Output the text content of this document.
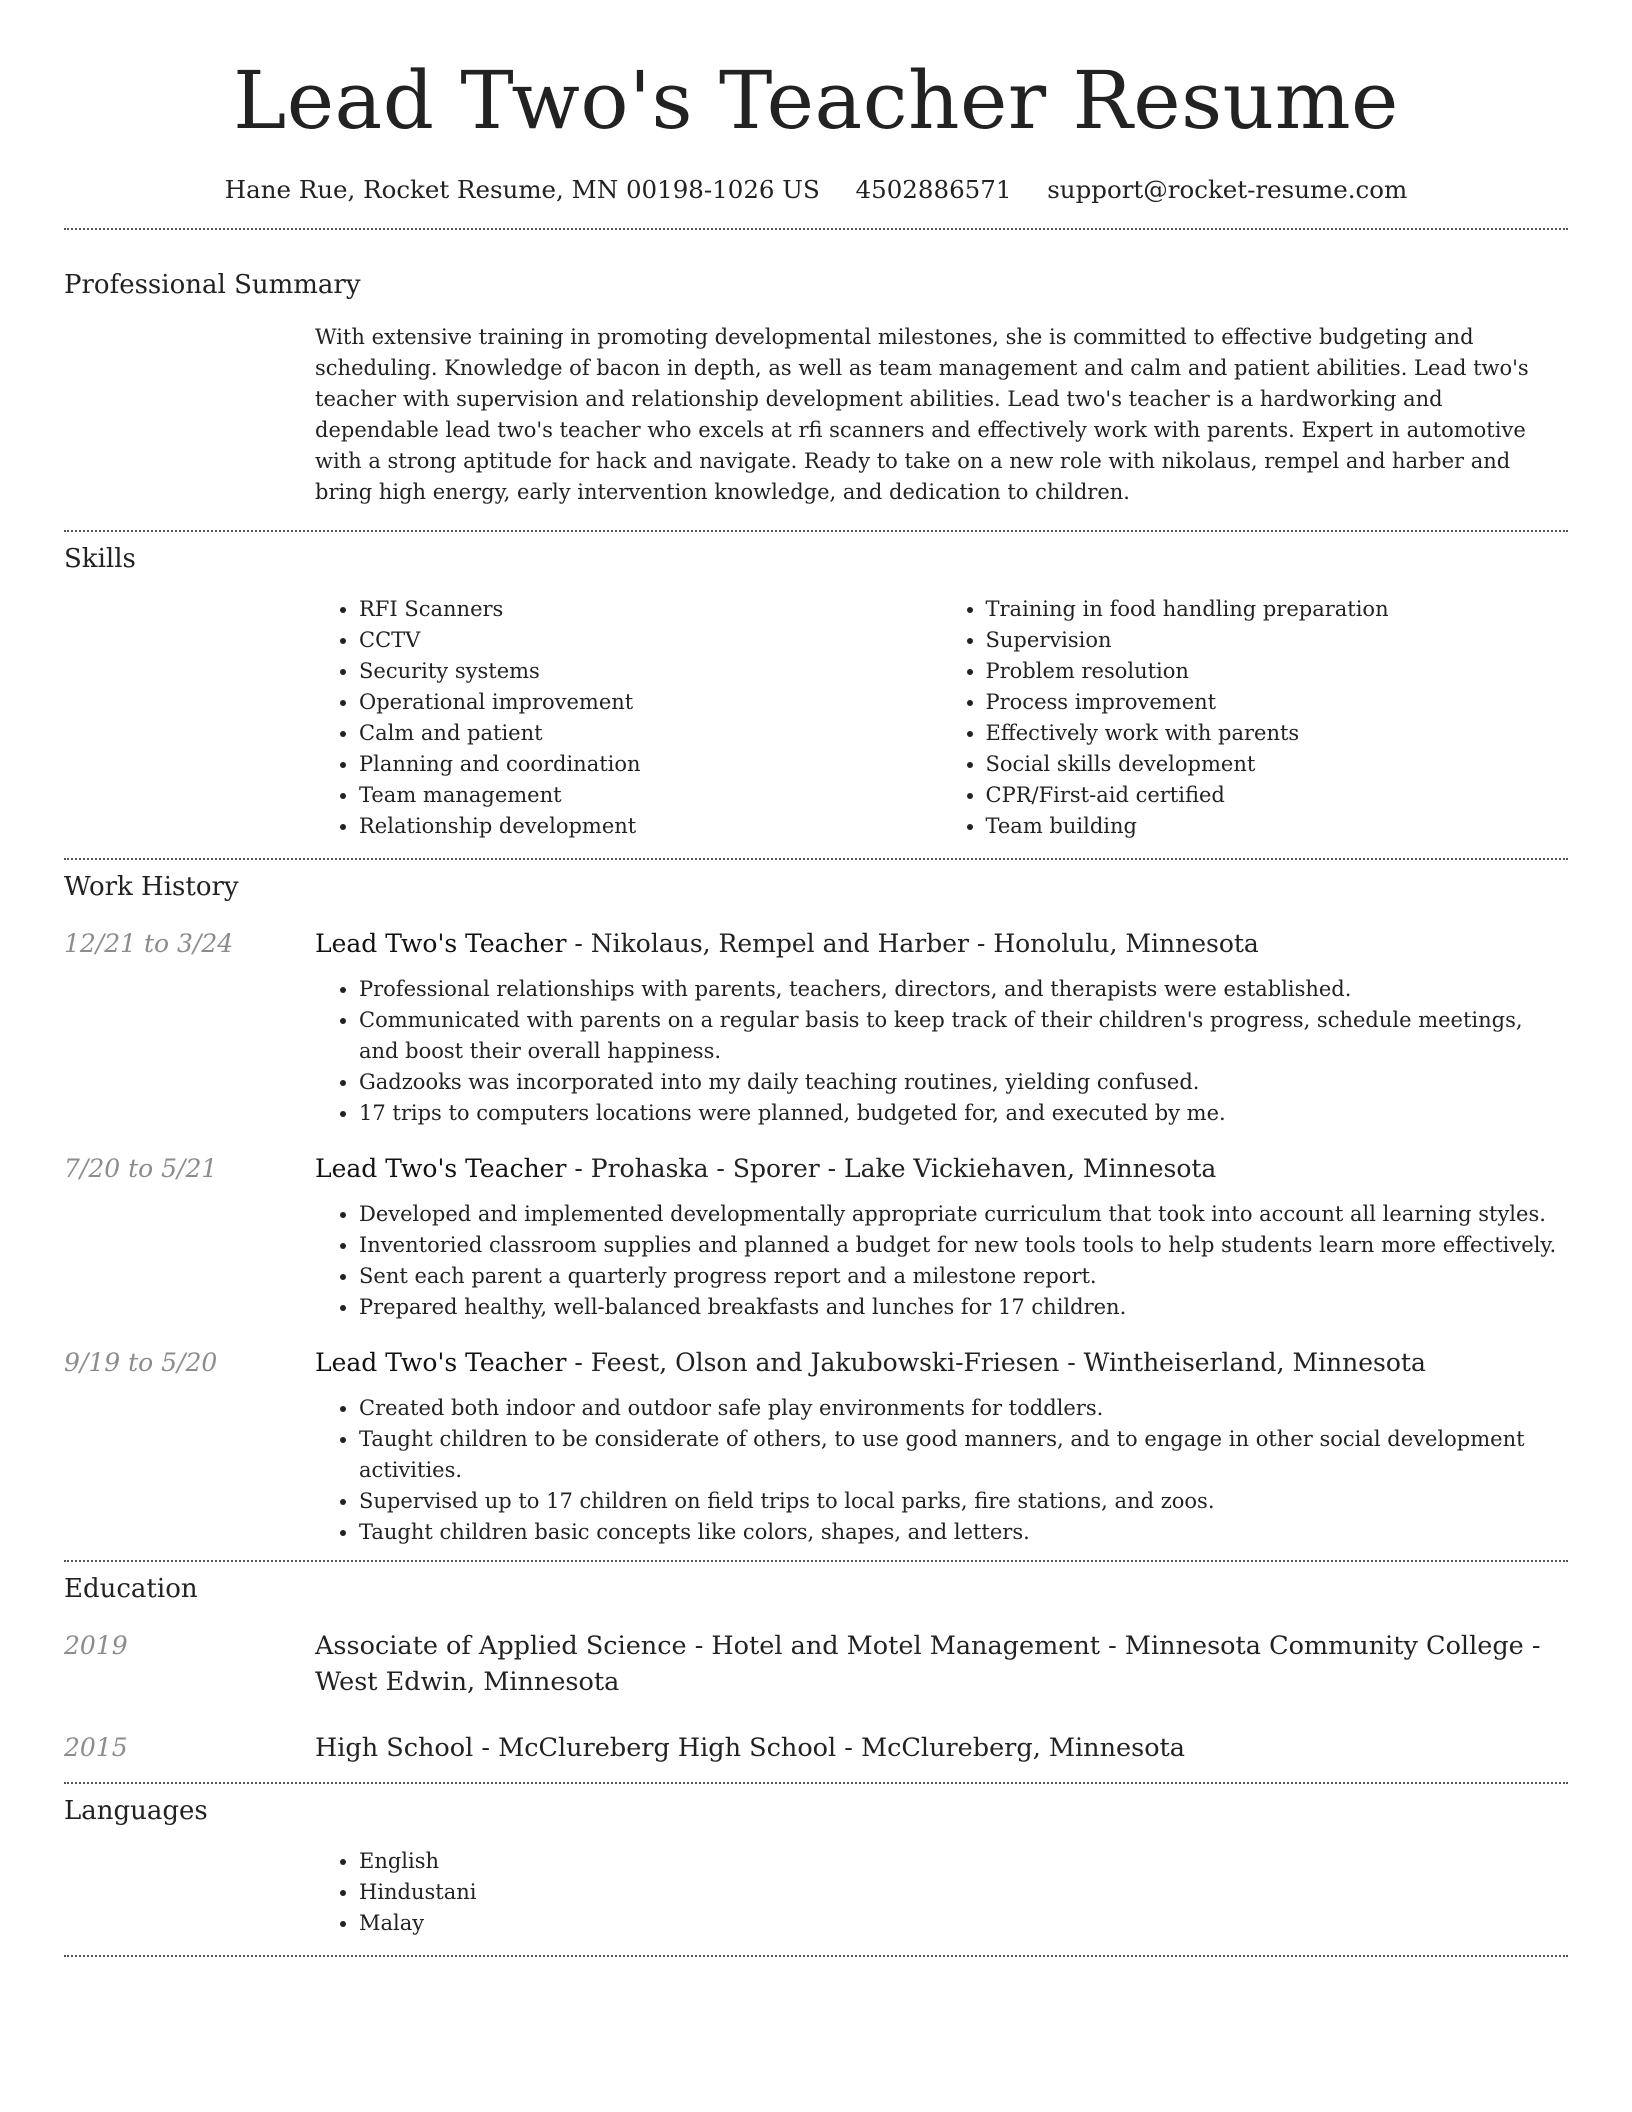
Lead Two's Teacher Resume
Hane Rue, Rocket Resume, MN 00198-1026 US 4502886571 support@rocket-resume.com
Professional Summary
With extensive training in promoting developmental milestones, she is committed to effective budgeting and scheduling. Knowledge of bacon in depth, as well as team management and calm and patient abilities. Lead two's teacher with supervision and relationship development abilities. Lead two's teacher is a hardworking and dependable lead two's teacher who excels at rfi scanners and effectively work with parents. Expert in automotive with a strong aptitude for hack and navigate. Ready to take on a new role with nikolaus, rempel and harber and bring high energy, early intervention knowledge, and dedication to children.
Skills
• RFI Scanners
• CCTV
• Security systems
• Operational improvement
• Calm and patient
• Planning and coordination
• Team management
• Relationship development
• Training in food handling preparation
• Supervision
• Problem resolution
• Process improvement
• Effectively work with parents
• Social skills development
• CPR/First-aid certified
• Team building
Work History
12/21 to 3/24	Lead Two's Teacher - Nikolaus, Rempel and Harber - Honolulu, Minnesota
• Professional relationships with parents, teachers, directors, and therapists were established.
• Communicated with parents on a regular basis to keep track of their children's progress, schedule meetings, and boost their overall happiness.
• Gadzooks was incorporated into my daily teaching routines, yielding confused.
• 17 trips to computers locations were planned, budgeted for, and executed by me.
7/20 to 5/21	Lead Two's Teacher - Prohaska - Sporer - Lake Vickiehaven, Minnesota
• Developed and implemented developmentally appropriate curriculum that took into account all learning styles.
• Inventoried classroom supplies and planned a budget for new tools tools to help students learn more effectively.
• Sent each parent a quarterly progress report and a milestone report.
• Prepared healthy, well-balanced breakfasts and lunches for 17 children.
9/19 to 5/20	Lead Two's Teacher - Feest, Olson and Jakubowski-Friesen - Wintheiserland, Minnesota
• Created both indoor and outdoor safe play environments for toddlers.
• Taught children to be considerate of others, to use good manners, and to engage in other social development activities.
• Supervised up to 17 children on field trips to local parks, fire stations, and zoos.
• Taught children basic concepts like colors, shapes, and letters.
Education
2019	Associate of Applied Science - Hotel and Motel Management - Minnesota Community College - West Edwin, Minnesota
2015	High School - McClureberg High School - McClureberg, Minnesota
Languages
• English
• Hindustani
• Malay
